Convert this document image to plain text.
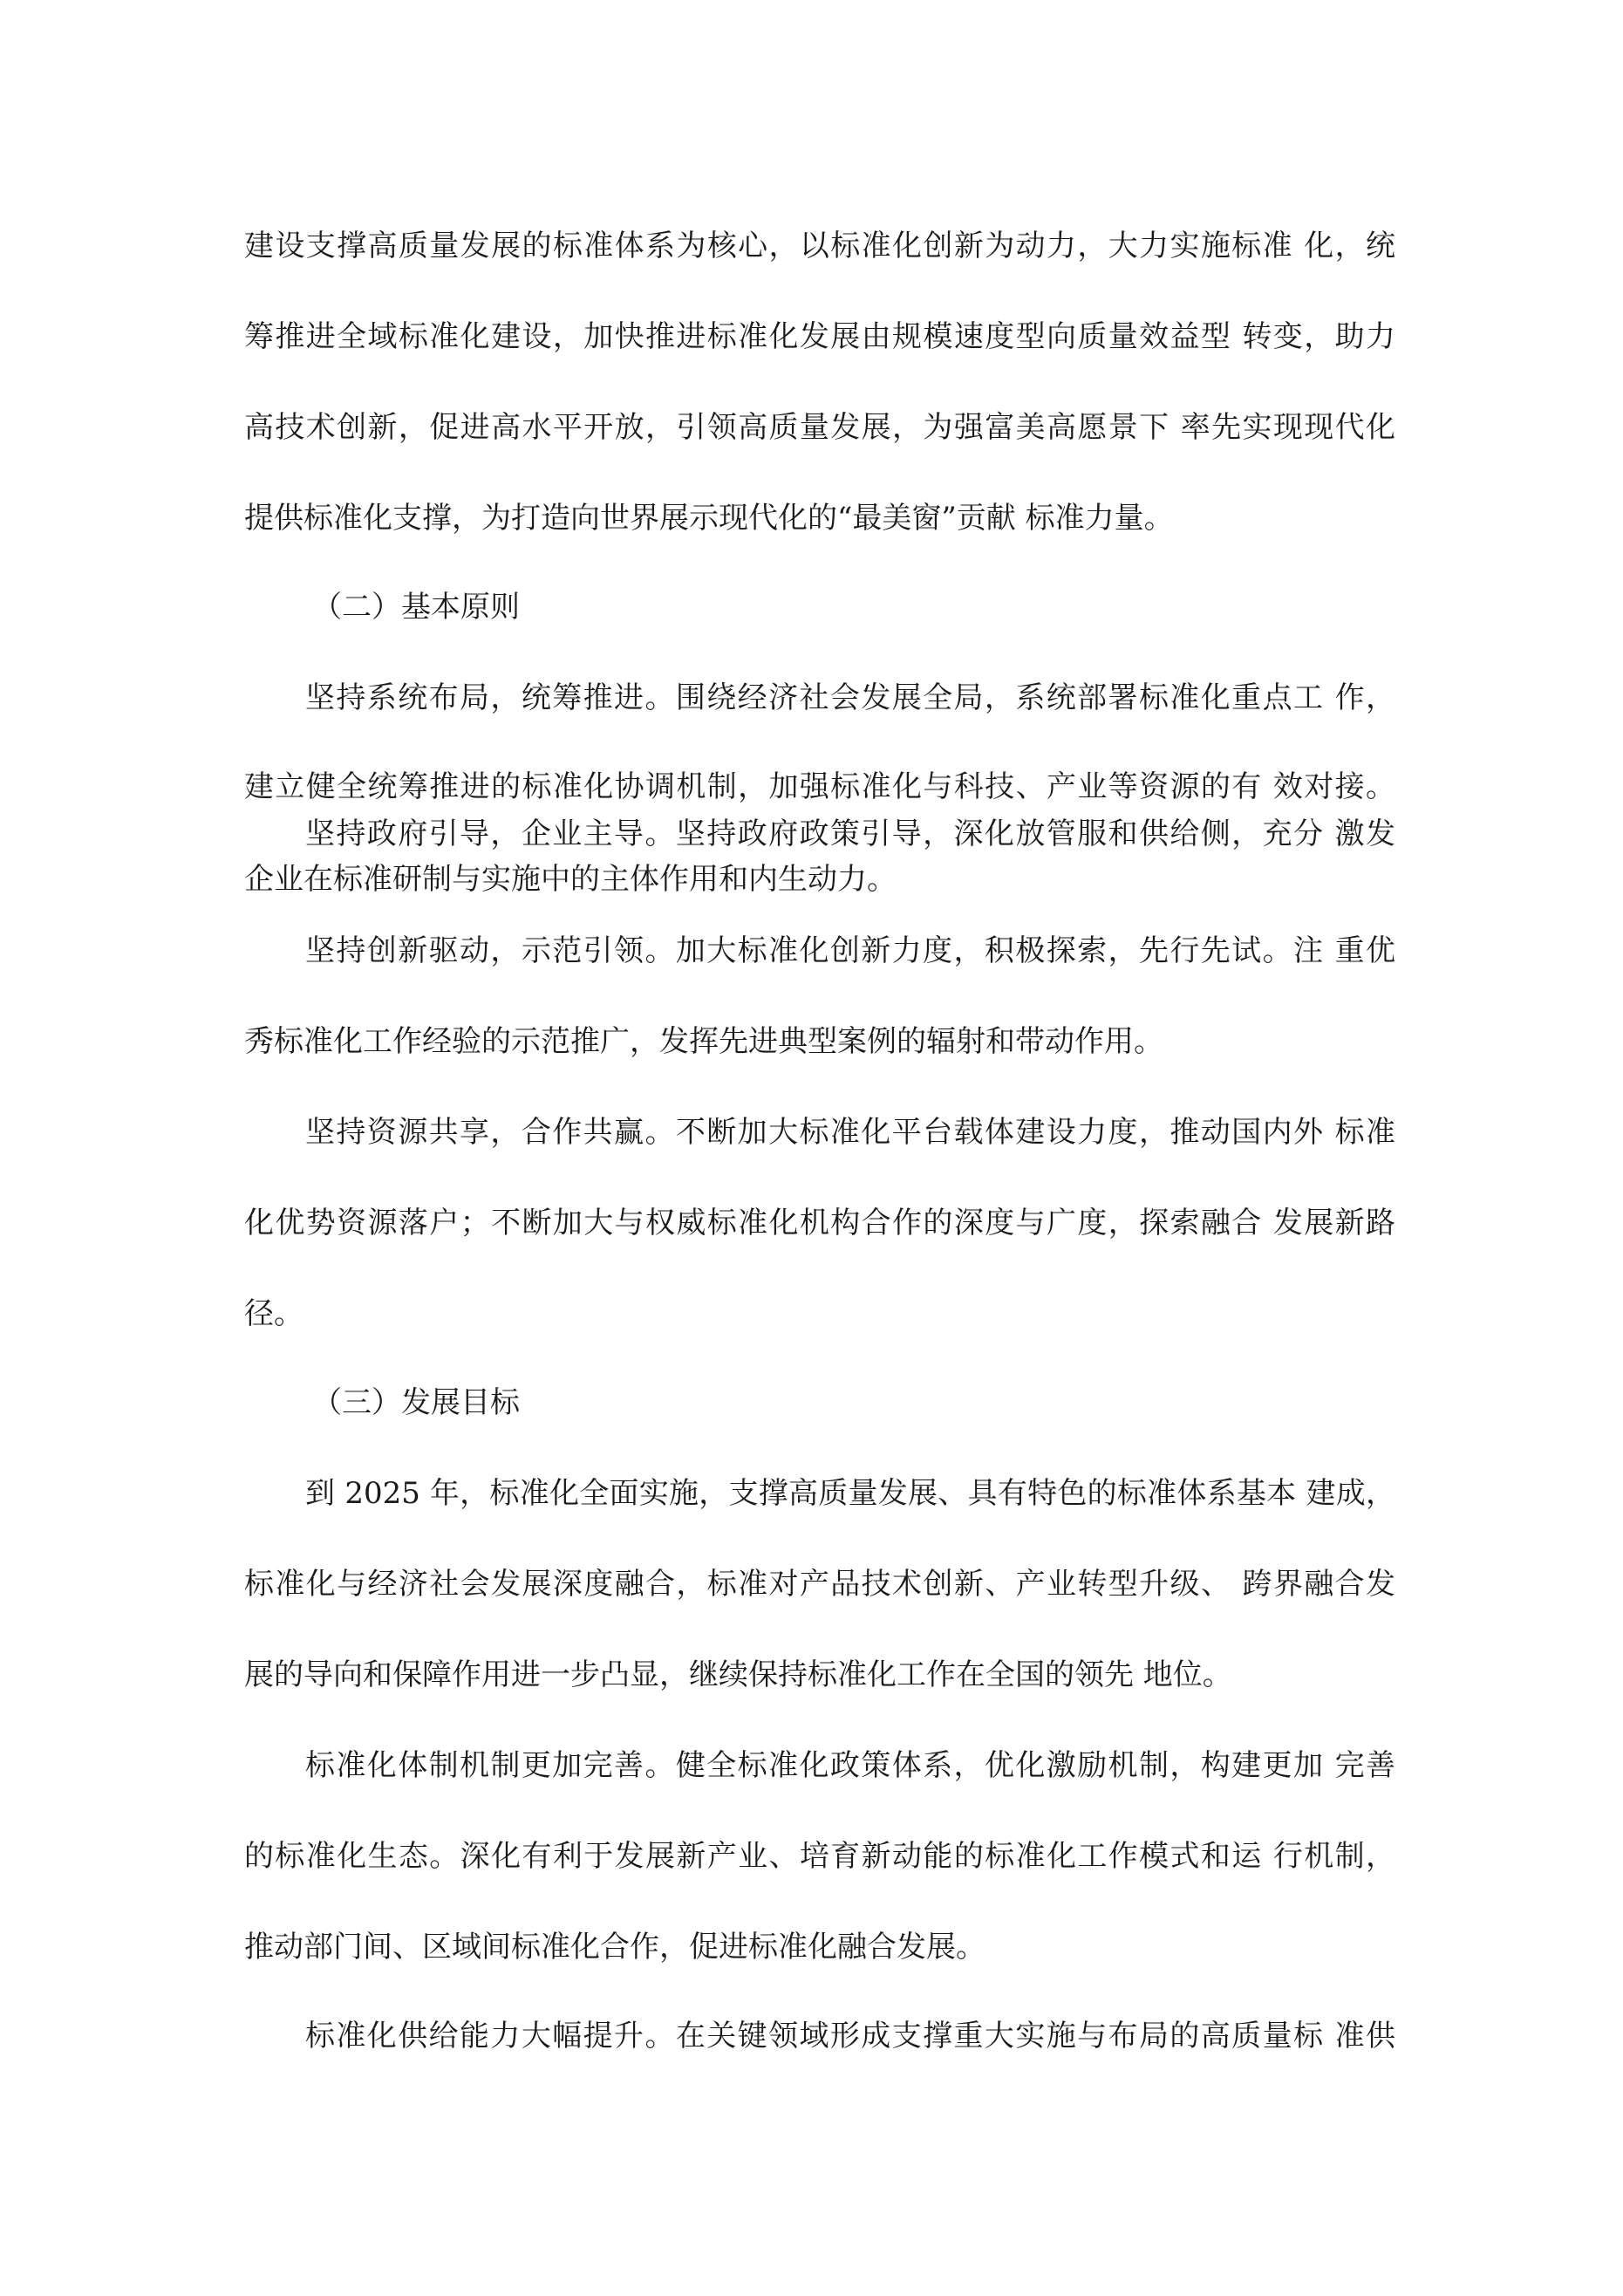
建设支撑高质量发展的标准体系为核心，以标准化创新为动力，大力实施标准 化，统
筹推进全域标准化建设，加快推进标准化发展由规模速度型向质量效益型 转变，助力
高技术创新，促进高水平开放，引领高质量发展，为强富美高愿景下 率先实现现代化
提供标准化支撑，为打造向世界展示现代化的“最美窗”贡献 标准力量。
（二）基本原则
坚持系统布局，统筹推进。围绕经济社会发展全局，系统部署标准化重点工 作，
建立健全统筹推进的标准化协调机制，加强标准化与科技、产业等资源的有 效对接。
坚持政府引导，企业主导。坚持政府政策引导，深化放管服和供给侧，充分 激发
企业在标准研制与实施中的主体作用和内生动力。
坚持创新驱动，示范引领。加大标准化创新力度，积极探索，先行先试。注 重优
秀标准化工作经验的示范推广，发挥先进典型案例的辐射和带动作用。
坚持资源共享，合作共赢。不断加大标准化平台载体建设力度，推动国内外 标准
化优势资源落户；不断加大与权威标准化机构合作的深度与广度，探索融合 发展新路
径。
（三）发展目标
到 2025 年，标准化全面实施，支撑高质量发展、具有特色的标准体系基本 建成，
标准化与经济社会发展深度融合，标准对产品技术创新、产业转型升级、 跨界融合发
展的导向和保障作用进一步凸显，继续保持标准化工作在全国的领先 地位。
标准化体制机制更加完善。健全标准化政策体系，优化激励机制，构建更加 完善
的标准化生态。深化有利于发展新产业、培育新动能的标准化工作模式和运 行机制，
推动部门间、区域间标准化合作，促进标准化融合发展。
标准化供给能力大幅提升。在关键领域形成支撑重大实施与布局的高质量标 准供
